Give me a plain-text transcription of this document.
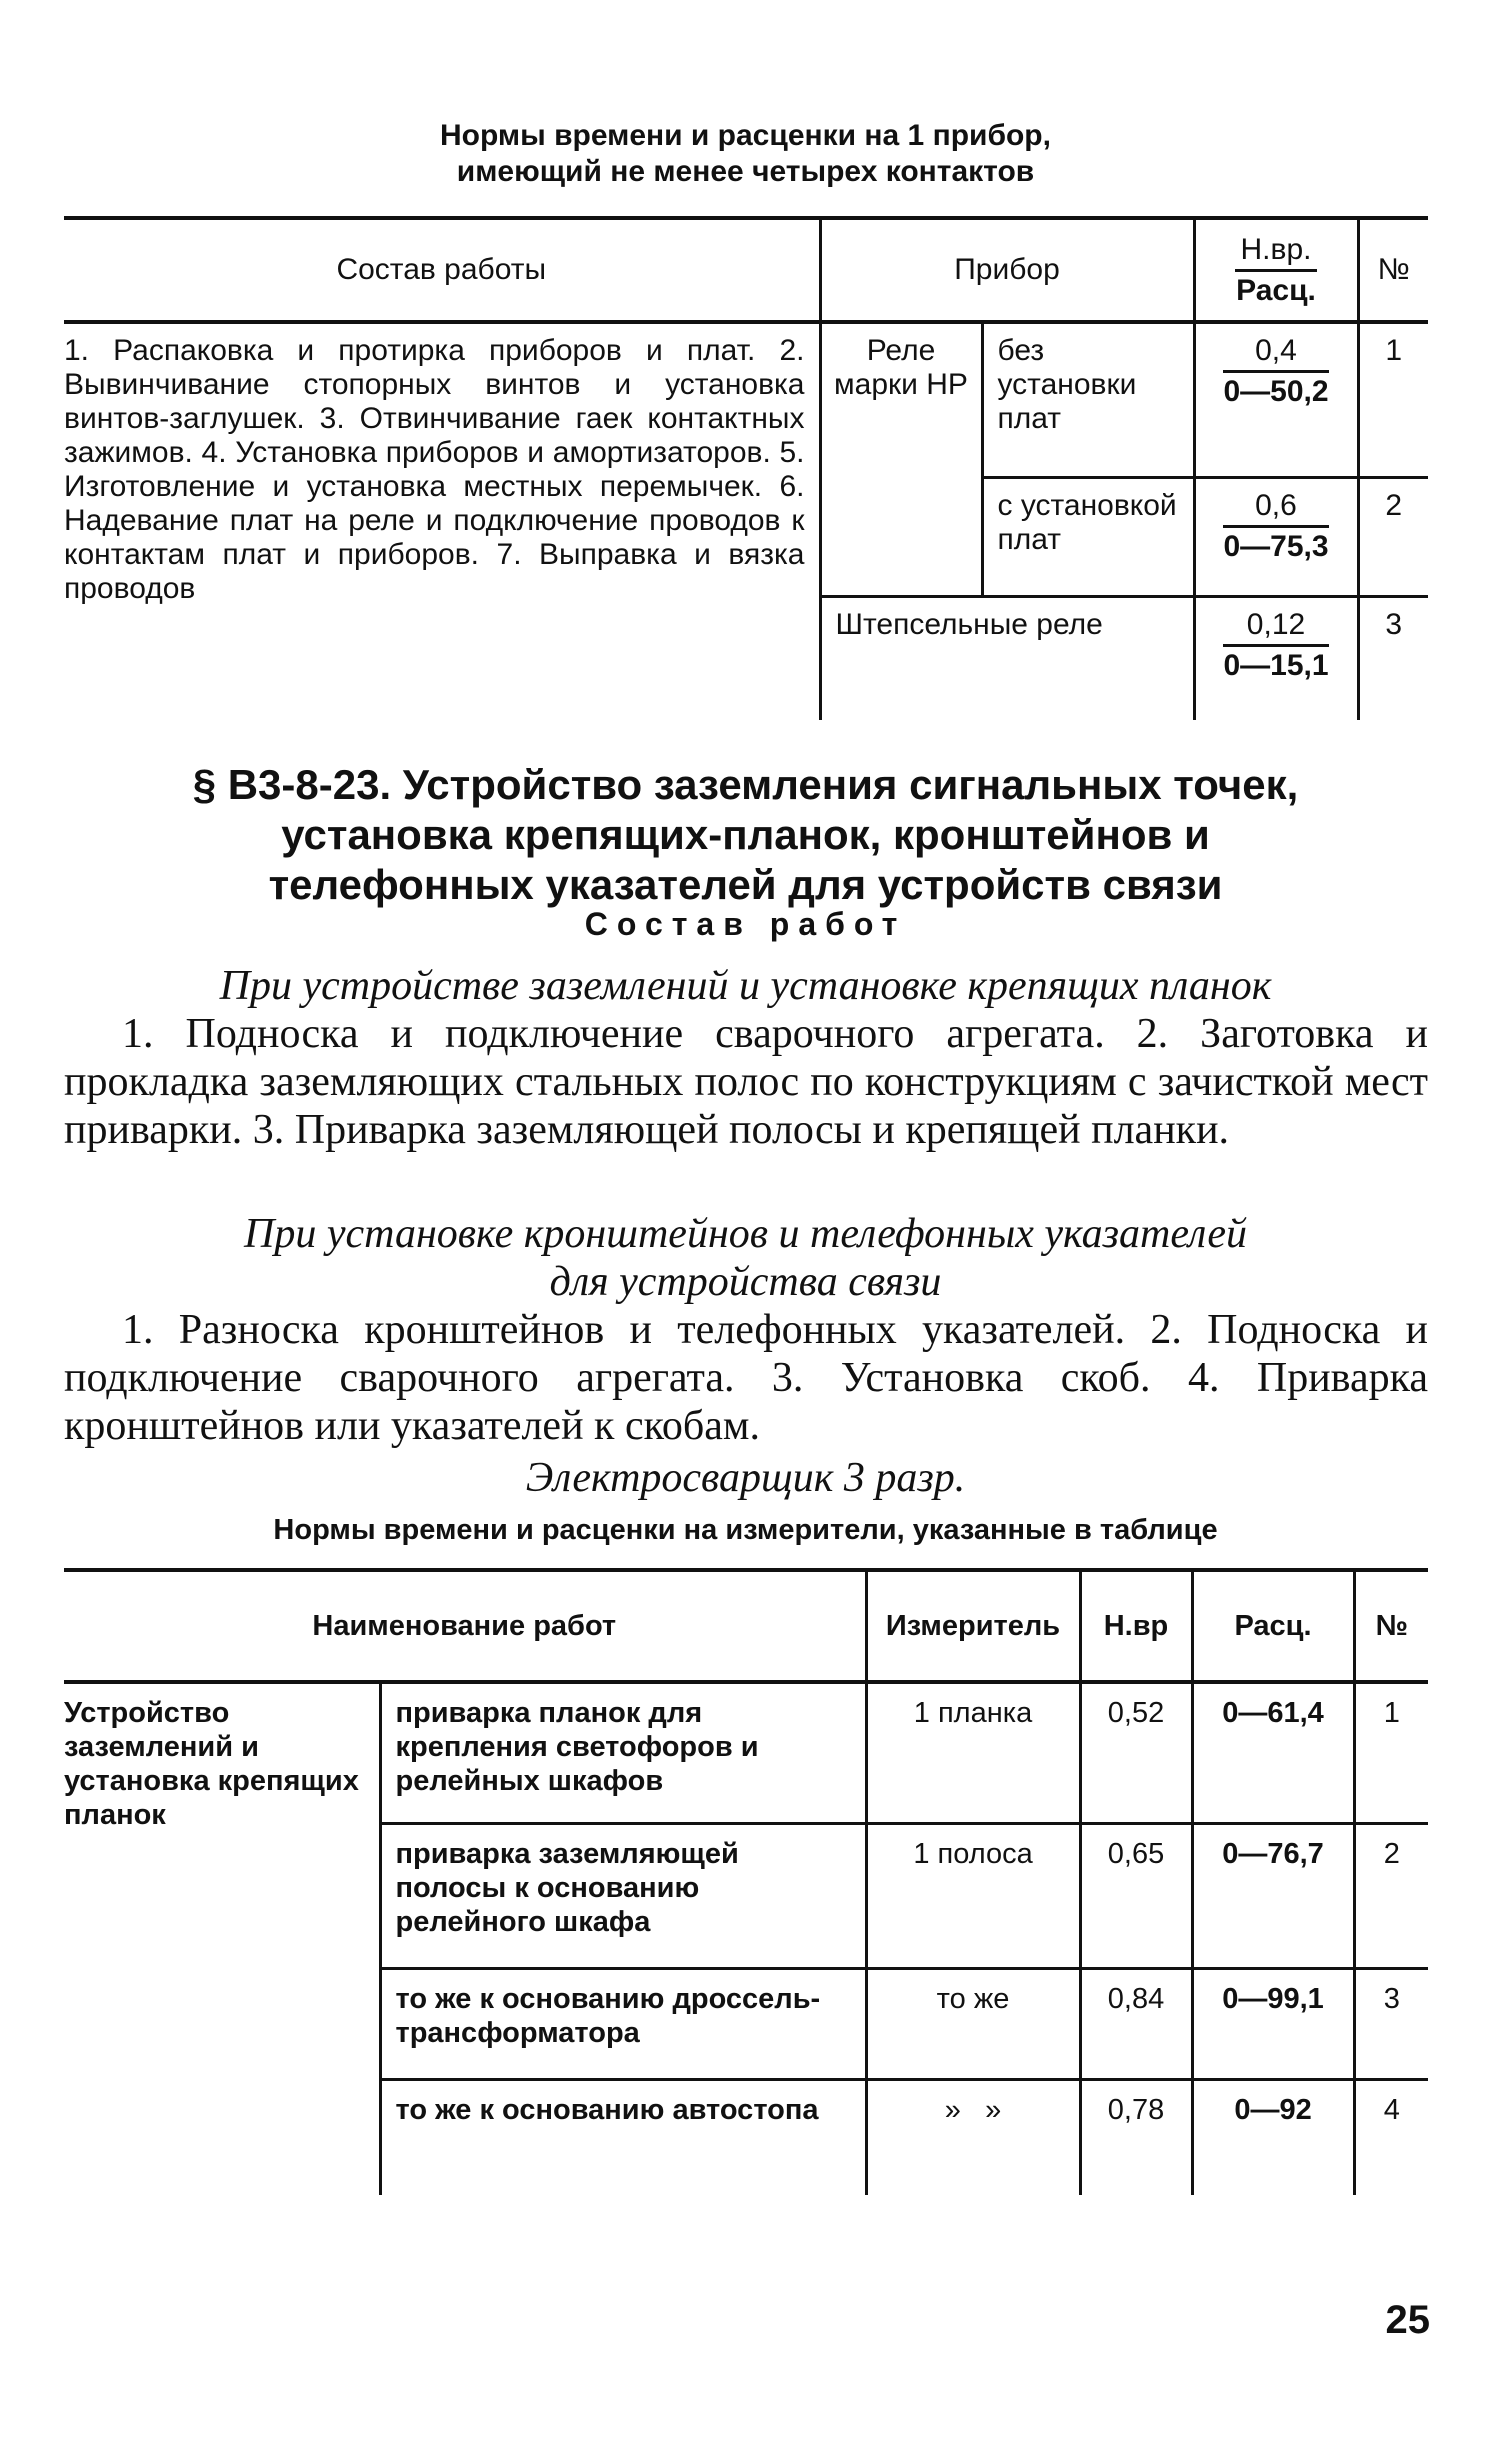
Нормы времени и расценки на 1 прибор,
имеющий не менее четырех контактов
Состав работы	Прибор		$\frac{Н.вр.}{\text{Расц.}}$	№
1. Распаковка и протирка приборов и плат. 2. Вывинчивание стопорных винтов и установка винтов-заглушек. 3. Отвинчивание гаек контактных зажимов. 4. Установка приборов и амортизаторов. 5. Изготовление и установка местных перемычек. 6. Надевание плат на реле и подключение проводов к контактам плат и приборов. 7. Выправка и вязка проводов	Реле марки НР	без установки плат	$\frac{0,4}{0—50,2}$	1
		с установкой плат	$\frac{0,6}{0—75,3}$	2
	Штепсельные реле		$\frac{0,12}{0—15,1}$	3
§ В3-8-23. Устройство заземления сигнальных точек,
установка крепящих-планок, кронштейнов и
телефонных указателей для устройств связи
Состав работ
При устройстве заземлений и установке крепящих планок
1. Подноска и подключение сварочного агрегата. 2. Заготовка и прокладка заземляющих стальных полос по конструкциям с зачисткой мест приварки. 3. Приварка заземляющей полосы и крепящей планки.
При установке кронштейнов и телефонных указателей
для устройства связи
1. Разноска кронштейнов и телефонных указателей. 2. Подноска и подключение сварочного агрегата. 3. Установка скоб. 4. Приварка кронштейнов или указателей к скобам.
Электросварщик 3 разр.
Нормы времени и расценки на измерители, указанные в таблице
Наименование работ		Измеритель	Н.вр	Расц.	№
Устройство заземлений и установка крепящих планок	приварка планок для крепления светофоров и релейных шкафов	1 планка	0,52	0—61,4	1
	приварка заземляющей полосы к основанию релейного шкафа	1 полоса	0,65	0—76,7	2
	то же к основанию дроссель-трансформатора	то же	0,84	0—99,1	3
	то же к основанию автостопа	»   »	0,78	0—92	4
25
